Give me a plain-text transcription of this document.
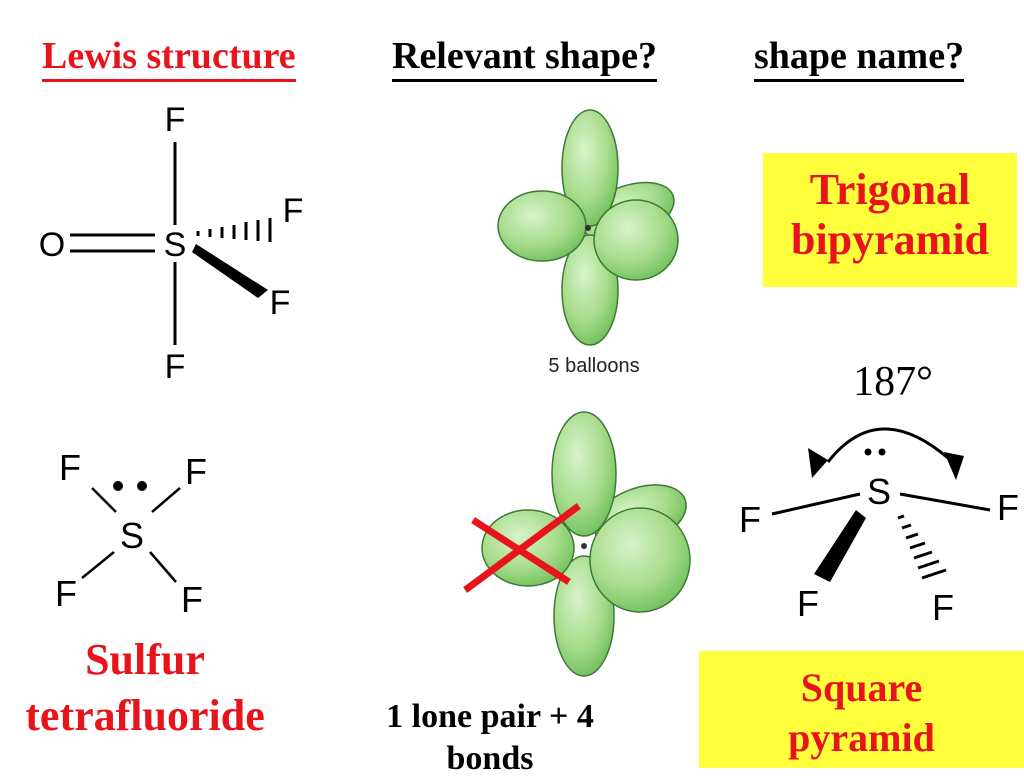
Lewis structure	Relevant shape?	shape name?
F
S
O
F
F
F	5 balloons
F	F
S
F	F
187°
S
F	F
F	F
Trigonal
bipyramid
Square
pyramid
Sulfur
tetrafluoride	1 lone pair + 4
bonds
